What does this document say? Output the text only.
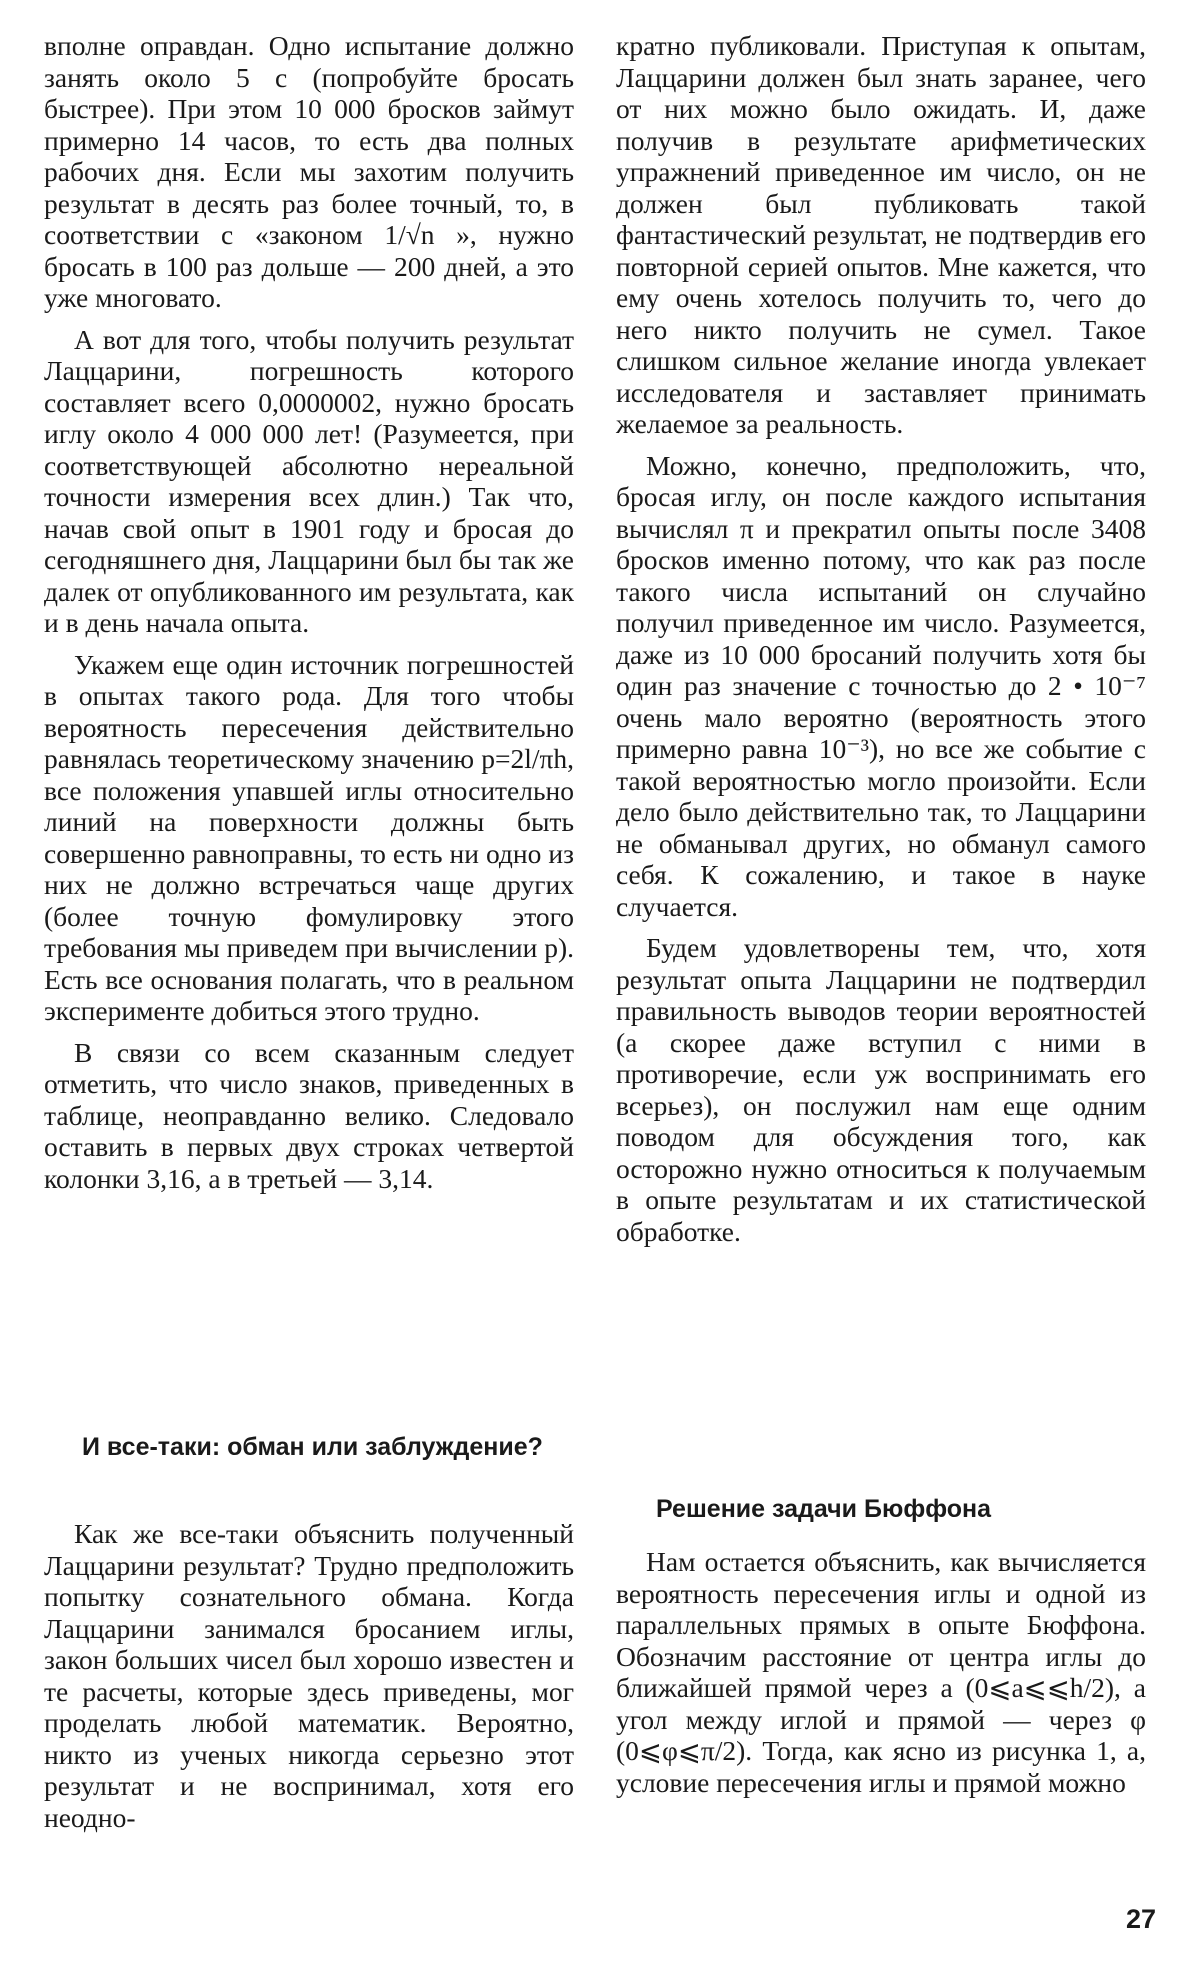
вполне оправдан. Одно испытание должно занять около 5 с (попробуйте бросать быстрее). При этом 10 000 бросков займут примерно 14 часов, то есть два полных рабочих дня. Если мы захотим получить результат в десять раз более точный, то, в соответствии с «законом 1/√n », нужно бросать в 100 раз дольше — 200 дней, а это уже многовато.

А вот для того, чтобы получить результат Лаццарини, погрешность которого составляет всего 0,0000002, нужно бросать иглу около 4 000 000 лет! (Разумеется, при соответствующей абсолютно нереальной точности измерения всех длин.) Так что, начав свой опыт в 1901 году и бросая до сегодняшнего дня, Лаццарини был бы так же далек от опубликованного им результата, как и в день начала опыта.

Укажем еще один источник погрешностей в опытах такого рода. Для того чтобы вероятность пересечения действительно равнялась теоретическому значению p=2l/πh, все положения упавшей иглы относительно линий на поверхности должны быть совершенно равноправны, то есть ни одно из них не должно встречаться чаще других (более точную фомулировку этого требования мы приведем при вычислении p). Есть все основания полагать, что в реальном эксперименте добиться этого трудно.

В связи со всем сказанным следует отметить, что число знаков, приведенных в таблице, неоправданно велико. Следовало оставить в первых двух строках четвертой колонки 3,16, а в третьей — 3,14.

И все-таки: обман или заблуждение?

Как же все-таки объяснить полученный Лаццарини результат? Трудно предположить попытку сознательного обмана. Когда Лаццарини занимался бросанием иглы, закон больших чисел был хорошо известен и те расчеты, которые здесь приведены, мог проделать любой математик. Вероятно, никто из ученых никогда серьезно этот результат и не воспринимал, хотя его неодно-

кратно публиковали. Приступая к опытам, Лаццарини должен был знать заранее, чего от них можно было ожидать. И, даже получив в результате арифметических упражнений приведенное им число, он не должен был публиковать такой фантастический результат, не подтвердив его повторной серией опытов. Мне кажется, что ему очень хотелось получить то, чего до него никто получить не сумел. Такое слишком сильное желание иногда увлекает исследователя и заставляет принимать желаемое за реальность.

Можно, конечно, предположить, что, бросая иглу, он после каждого испытания вычислял π и прекратил опыты после 3408 бросков именно потому, что как раз после такого числа испытаний он случайно получил приведенное им число. Разумеется, даже из 10 000 бросаний получить хотя бы один раз значение с точностью до 2 • 10⁻⁷ очень мало вероятно (вероятность этого примерно равна 10⁻³), но все же событие с такой вероятностью могло произойти. Если дело было действительно так, то Лаццарини не обманывал других, но обманул самого себя. К сожалению, и такое в науке случается.

Будем удовлетворены тем, что, хотя результат опыта Лаццарини не подтвердил правильность выводов теории вероятностей (а скорее даже вступил с ними в противоречие, если уж воспринимать его всерьез), он послужил нам еще одним поводом для обсуждения того, как осторожно нужно относиться к получаемым в опыте результатам и их статистической обработке.

Решение задачи Бюффона

Нам остается объяснить, как вычисляется вероятность пересечения иглы и одной из параллельных прямых в опыте Бюффона. Обозначим расстояние от центра иглы до ближайшей прямой через a (0⩽a⩽⩽h/2), а угол между иглой и прямой — через φ (0⩽φ⩽π/2). Тогда, как ясно из рисунка 1, а, условие пересечения иглы и прямой можно

27
